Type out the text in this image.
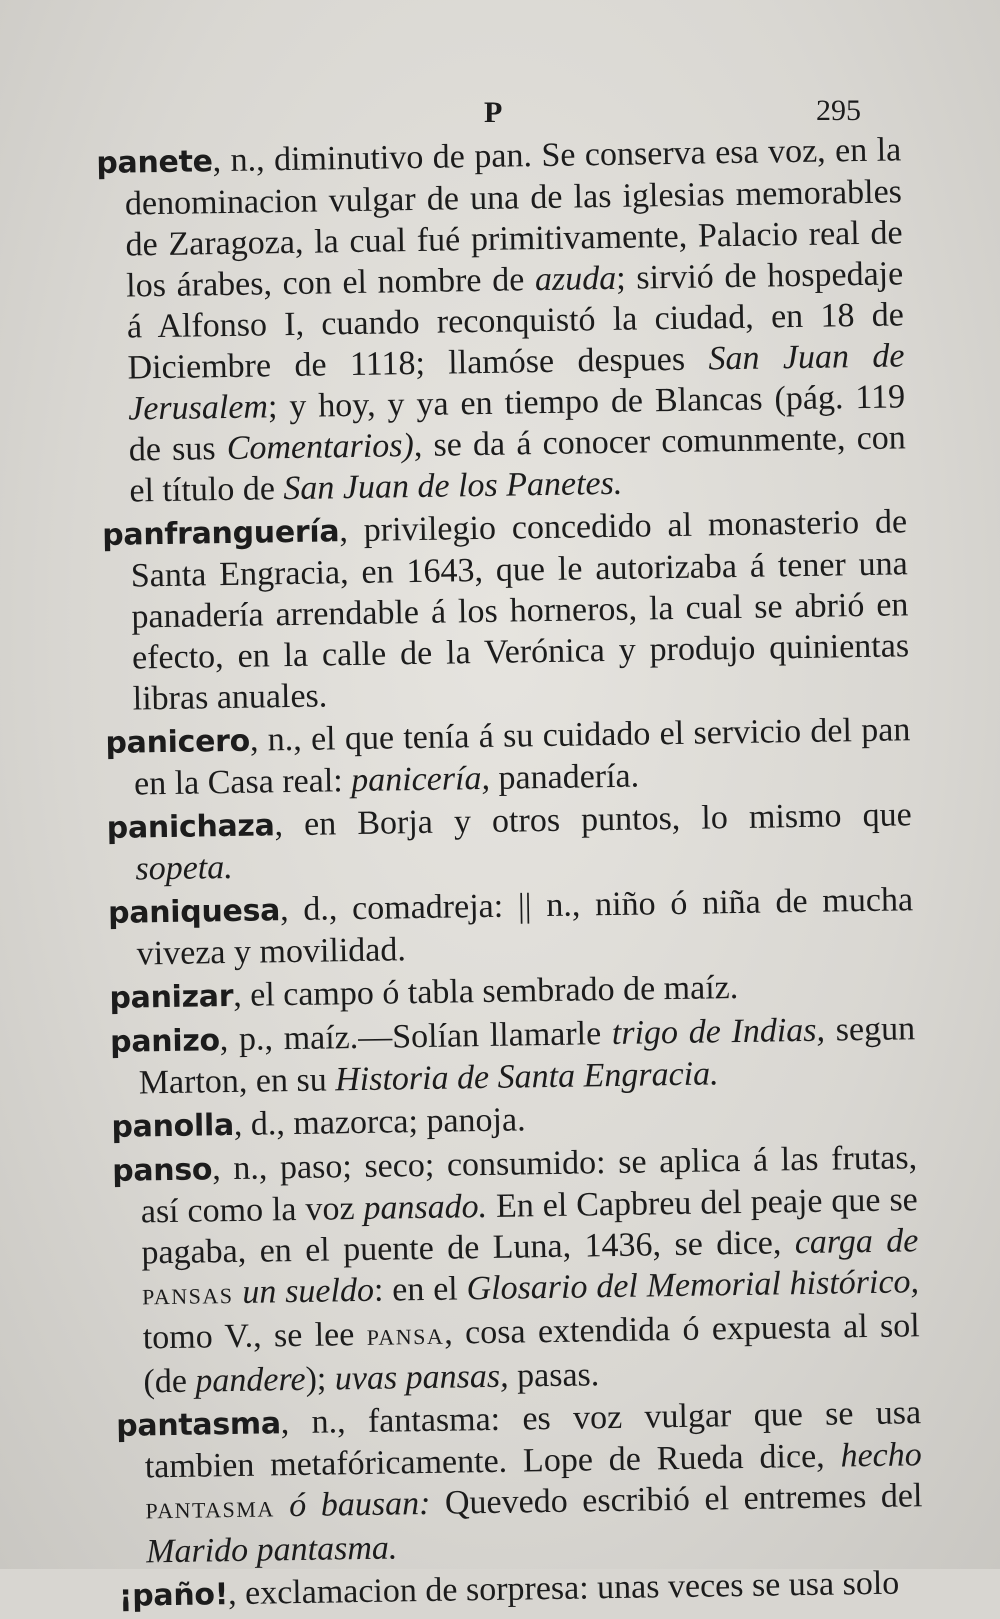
P	295

panete, n., diminutivo de pan. Se conserva esa voz, en la denominacion vulgar de una de las iglesias memorables de Zaragoza, la cual fué primitivamente, Palacio real de los árabes, con el nombre de azuda; sirvió de hospedaje á Alfonso I, cuando reconquistó la ciudad, en 18 de Diciembre de 1118; llamóse despues San Juan de Jerusalem; y hoy, y ya en tiempo de Blancas (pág. 119 de sus Comentarios), se da á conocer comunmente, con el título de San Juan de los Panetes.

panfranguería, privilegio concedido al monasterio de Santa Engracia, en 1643, que le autorizaba á tener una panadería arrendable á los horneros, la cual se abrió en efecto, en la calle de la Verónica y produjo quinientas libras anuales.

panicero, n., el que tenía á su cuidado el servicio del pan en la Casa real: panicería, panadería.

panichaza, en Borja y otros puntos, lo mismo que sopeta.

paniquesa, d., comadreja: || n., niño ó niña de mucha viveza y movilidad.

panizar, el campo ó tabla sembrado de maíz.

panizo, p., maíz.—Solían llamarle trigo de Indias, segun Marton, en su Historia de Santa Engracia.

panolla, d., mazorca; panoja.

panso, n., paso; seco; consumido: se aplica á las frutas, así como la voz pansado. En el Capbreu del peaje que se pagaba, en el puente de Luna, 1436, se dice, carga de PANSAS un sueldo: en el Glosario del Memorial histórico, tomo V., se lee PANSA, cosa extendida ó expuesta al sol (de pandere); uvas pansas, pasas.

pantasma, n., fantasma: es voz vulgar que se usa tambien metafóricamente. Lope de Rueda dice, hecho PANTASMA ó bausan: Quevedo escribió el entremes del Marido pantasma.

¡paño!, exclamacion de sorpresa: unas veces se usa solo
